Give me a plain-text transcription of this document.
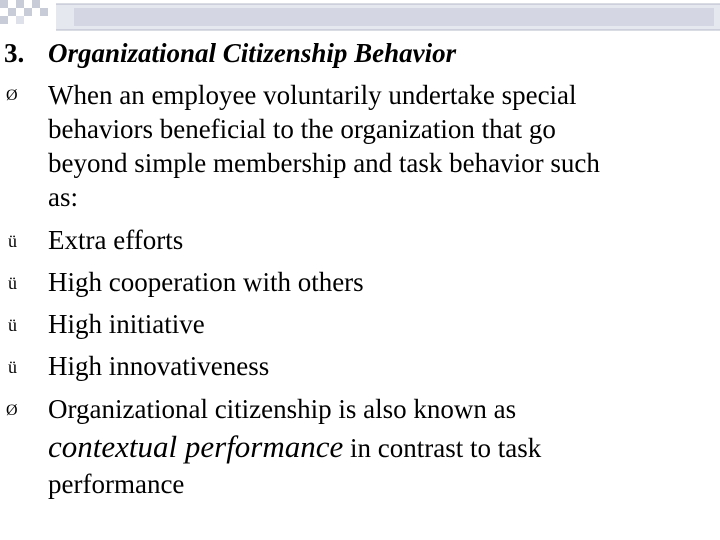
3. Organizational Citizenship Behavior
Ø	When an employee voluntarily undertake special
behaviors beneficial to the organization that go
beyond simple membership and task behavior such
as:
ü	Extra efforts
ü	High cooperation with others
ü	High initiative
ü	High innovativeness
Ø	Organizational citizenship is also known as
contextual performance in contrast to task
performance
